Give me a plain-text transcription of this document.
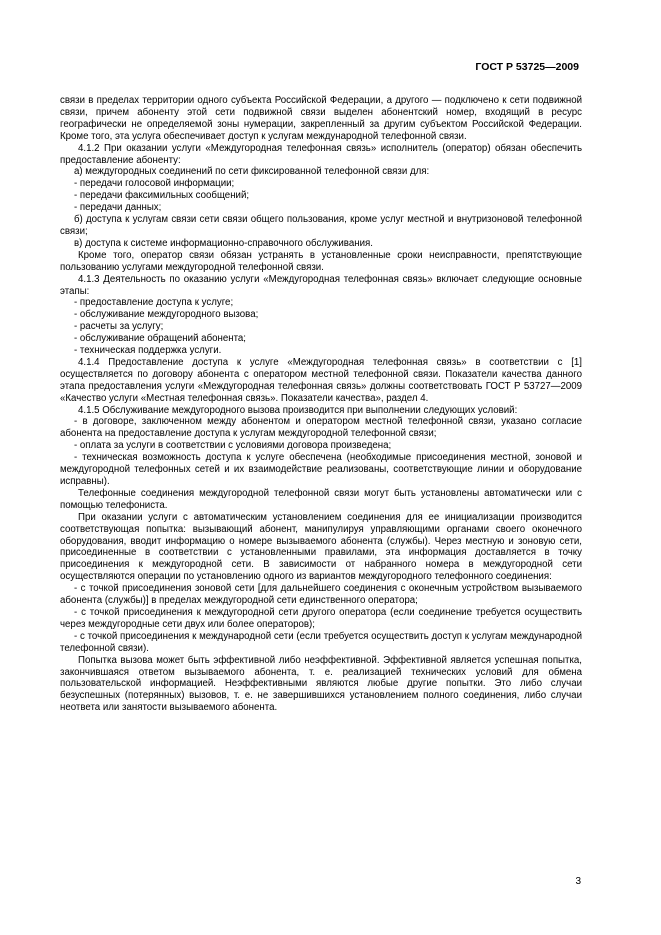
ГОСТ Р 53725—2009

связи в пределах территории одного субъекта Российской Федерации, а другого — подключено к сети подвижной связи, причем абоненту этой сети подвижной связи выделен абонентский номер, входящий в ресурс географически не определяемой зоны нумерации, закрепленный за другим субъектом Российской Федерации. Кроме того, эта услуга обеспечивает доступ к услугам международной телефонной связи.

4.1.2 При оказании услуги «Междугородная телефонная связь» исполнитель (оператор) обязан обеспечить предоставление абоненту:

а) междугородных соединений по сети фиксированной телефонной связи для:

- передачи голосовой информации;

- передачи факсимильных сообщений;

- передачи данных;

б) доступа к услугам связи сети связи общего пользования, кроме услуг местной и внутризоновой телефонной связи;

в) доступа к системе информационно-справочного обслуживания.

Кроме того, оператор связи обязан устранять в установленные сроки неисправности, препятствующие пользованию услугами междугородной телефонной связи.

4.1.3 Деятельность по оказанию услуги «Междугородная телефонная связь» включает следующие основные этапы:

- предоставление доступа к услуге;

- обслуживание междугородного вызова;

- расчеты за услугу;

- обслуживание обращений абонента;

- техническая поддержка услуги.

4.1.4 Предоставление доступа к услуге «Междугородная телефонная связь» в соответствии с [1] осуществляется по договору абонента с оператором местной телефонной связи. Показатели качества данного этапа предоставления услуги «Междугородная телефонная связь» должны соответствовать ГОСТ Р 53727—2009 «Качество услуги «Местная телефонная связь». Показатели качества», раздел 4.

4.1.5 Обслуживание междугородного вызова производится при выполнении следующих условий:

- в договоре, заключенном между абонентом и оператором местной телефонной связи, указано согласие абонента на предоставление доступа к услугам междугородной телефонной связи;

- оплата за услуги в соответствии с условиями договора произведена;

- техническая возможность доступа к услуге обеспечена (необходимые присоединения местной, зоновой и междугородной телефонных сетей и их взаимодействие реализованы, соответствующие линии и оборудование исправны).

Телефонные соединения междугородной телефонной связи могут быть установлены автоматически или с помощью телефониста.

При оказании услуги с автоматическим установлением соединения для ее инициализации производится соответствующая попытка: вызывающий абонент, манипулируя управляющими органами своего оконечного оборудования, вводит информацию о номере вызываемого абонента (службы). Через местную и зоновую сети, присоединенные в соответствии с установленными правилами, эта информация доставляется в точку присоединения к междугородной сети. В зависимости от набранного номера в междугородной сети осуществляются операции по установлению одного из вариантов междугородного телефонного соединения:

- с точкой присоединения зоновой сети [для дальнейшего соединения с оконечным устройством вызываемого абонента (службы)] в пределах междугородной сети единственного оператора;

- с точкой присоединения к междугородной сети другого оператора (если соединение требуется осуществить через междугородные сети двух или более операторов);

- с точкой присоединения к международной сети (если требуется осуществить доступ к услугам международной телефонной связи).

Попытка вызова может быть эффективной либо неэффективной. Эффективной является успешная попытка, закончившаяся ответом вызываемого абонента, т. е. реализацией технических условий для обмена пользовательской информацией. Неэффективными являются любые другие попытки. Это либо случаи безуспешных (потерянных) вызовов, т. е. не завершившихся установлением полного соединения, либо случаи неответа или занятости вызываемого абонента.

3
